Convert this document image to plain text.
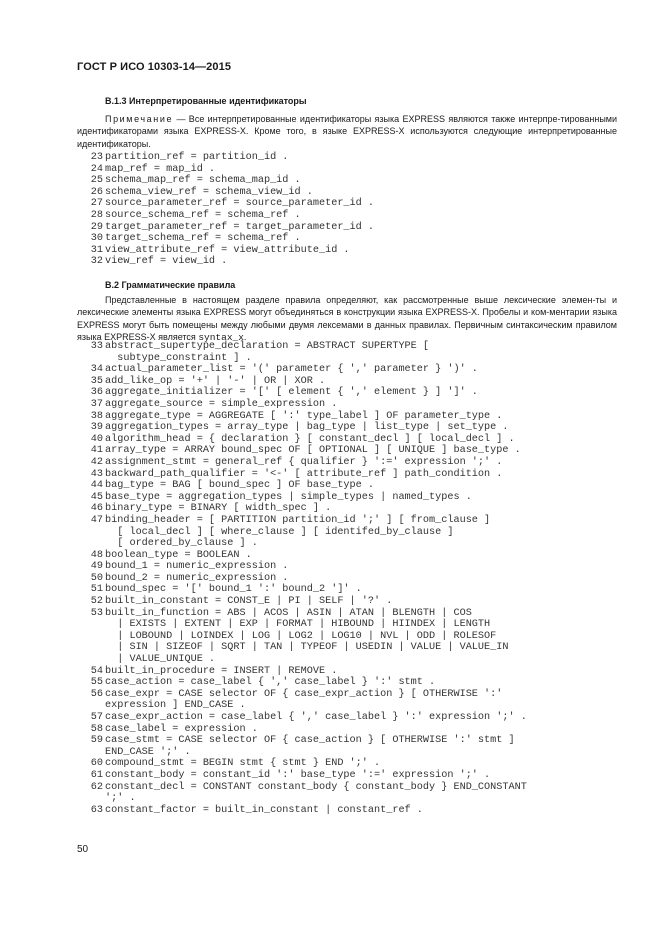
ГОСТ Р ИСО 10303-14—2015
В.1.3 Интерпретированные идентификаторы

Примечание — Все интерпретированные идентификаторы языка EXPRESS являются также интерпре-тированными идентификаторами языка EXPRESS-X. Кроме того, в языке EXPRESS-X используются следующие интерпретированные идентификаторы.

23 partition_ref = partition_id .
24 map_ref = map_id .
25 schema_map_ref = schema_map_id .
26 schema_view_ref = schema_view_id .
27 source_parameter_ref = source_parameter_id .
28 source_schema_ref = schema_ref .
29 target_parameter_ref = target_parameter_id .
30 target_schema_ref = schema_ref .
31 view_attribute_ref = view_attribute_id .
32 view_ref = view_id .
В.2 Грамматические правила

Представленные в настоящем разделе правила определяют, как рассмотренные выше лексические элемен-ты и лексические элементы языка EXPRESS могут объединяться в конструкции языка EXPRESS-X. Пробелы и ком-ментарии языка EXPRESS могут быть помещены между любыми двумя лексемами в данных правилах. Первичным синтаксическим правилом языка EXPRESS-X является syntax_x.

33 abstract_supertype_declaration = ABSTRACT SUPERTYPE [
subtype_constraint ] .
34 actual_parameter_list = '(' parameter { ',' parameter } ')' .
35 add_like_op = '+' | '-' | OR | XOR .
36 aggregate_initializer = '[' [ element { ',' element } ] ']' .
37 aggregate_source = simple_expression .
38 aggregate_type = AGGREGATE [ ':' type_label ] OF parameter_type .
39 aggregation_types = array_type | bag_type | list_type | set_type .
40 algorithm_head = { declaration } [ constant_decl ] [ local_decl ] .
41 array_type = ARRAY bound_spec OF [ OPTIONAL ] [ UNIQUE ] base_type .
42 assignment_stmt = general_ref { qualifier } ':=' expression ';' .
43 backward_path_qualifier = '<-' [ attribute_ref ] path_condition .
44 bag_type = BAG [ bound_spec ] OF base_type .
45 base_type = aggregation_types | simple_types | named_types .
46 binary_type = BINARY [ width_spec ] .
47 binding_header = [ PARTITION partition_id ';' ] [ from_clause ]
[ local_decl ] [ where_clause ] [ identifed_by_clause ]
[ ordered_by_clause ] .
48 boolean_type = BOOLEAN .
49 bound_1 = numeric_expression .
50 bound_2 = numeric_expression .
51 bound_spec = '[' bound_1 ':' bound_2 ']' .
52 built_in_constant = CONST_E | PI | SELF | '?' .
53 built_in_function = ABS | ACOS | ASIN | ATAN | BLENGTH | COS
| EXISTS | EXTENT | EXP | FORMAT | HIBOUND | HIINDEX | LENGTH
| LOBOUND | LOINDEX | LOG | LOG2 | LOG10 | NVL | ODD | ROLESOF
| SIN | SIZEOF | SQRT | TAN | TYPEOF | USEDIN | VALUE | VALUE_IN
| VALUE_UNIQUE .
54 built_in_procedure = INSERT | REMOVE .
55 case_action = case_label { ',' case_label } ':' stmt .
56 case_expr = CASE selector OF { case_expr_action } [ OTHERWISE ':'
expression ] END_CASE .
57 case_expr_action = case_label { ',' case_label } ':' expression ';' .
58 case_label = expression .
59 case_stmt = CASE selector OF { case_action } [ OTHERWISE ':' stmt ]
END_CASE ';' .
60 compound_stmt = BEGIN stmt { stmt } END ';' .
61 constant_body = constant_id ':' base_type ':=' expression ';' .
62 constant_decl = CONSTANT constant_body { constant_body } END_CONSTANT
';' .
63 constant_factor = built_in_constant | constant_ref .
50
